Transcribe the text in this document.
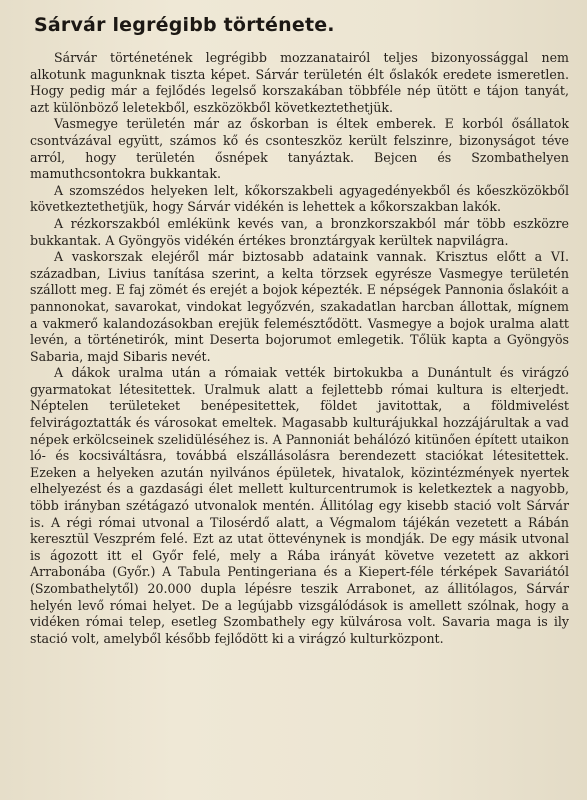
Sárvár legrégibb története.

Sárvár történetének legrégibb mozzanatairól teljes bizonyossággal nem alkotunk magunknak tiszta képet. Sárvár területén élt őslakók eredete ismeretlen. Hogy pedig már a fejlődés legelső korszakában többféle nép ütött e tájon tanyát, azt különböző leletekből, eszközökből következtethetjük.

Vasmegye területén már az őskorban is éltek emberek. E korból ősállatok csontvázával együtt, számos kő és csonteszköz került felszinre, bizonyságot téve arról, hogy területén ősnépek tanyáztak. Bejcen és Szombathelyen mamuthcsontokra bukkantak.

A szomszédos helyeken lelt, kőkorszakbeli agyagedényekből és kőeszközökből következtethetjük, hogy Sárvár vidékén is lehettek a kőkorszakban lakók.

A rézkorszakból emlékünk kevés van, a bronzkorszakból már több eszközre bukkantak. A Gyöngyös vidékén értékes bronztárgyak kerültek napvilágra.

A vaskorszak elejéről már biztosabb adataink vannak. Krisztus előtt a VI. században, Livius tanítása szerint, a kelta törzsek egyrésze Vasmegye területén szállott meg. E faj zömét és erejét a bojok képezték. E népségek Pannonia őslakóit a pannonokat, savarokat, vindokat legyőzvén, szakadatlan harcban állottak, mígnem a vakmerő kalandozásokban erejük felemésztődött. Vasmegye a bojok uralma alatt levén, a történetirók, mint Deserta bojorumot emlegetik. Tőlük kapta a Gyöngyös Sabaria, majd Sibaris nevét.

A dákok uralma után a rómaiak vették birtokukba a Dunántult és virágzó gyarmatokat létesitettek. Uralmuk alatt a fejlettebb római kultura is elterjedt. Néptelen területeket benépesitettek, földet javitottak, a földmivelést felvirágoztatták és városokat emeltek. Magasabb kulturájukkal hozzájárultak a vad népek erkölcseinek szelidüléséhez is. A Pannoniát behálózó kitünően épített utaikon ló- és kocsiváltásra, továbbá elszállásolásra berendezett staciókat létesitettek. Ezeken a helyeken azután nyilvános épületek, hivatalok, közintézmények nyertek elhelyezést és a gazdasági élet mellett kulturcentrumok is keletkeztek a nagyobb, több irányban szétágazó utvonalok mentén. Állitólag egy kisebb stació volt Sárvár is. A régi római utvonal a Tilosérdő alatt, a Végmalom tájékán vezetett a Rábán keresztül Veszprém felé. Ezt az utat öttevénynek is mondják. De egy másik utvonal is ágozott itt el Győr felé, mely a Rába irányát követve vezetett az akkori Arrabonába (Győr.) A Tabula Pentingeriana és a Kiepert-féle térképek Savariától (Szombathelytől) 20.000 dupla lépésre teszik Arrabonet, az állitólagos, Sárvár helyén levő római helyet. De a legújabb vizsgálódások is amellett szólnak, hogy a vidéken római telep, esetleg Szombathely egy külvárosa volt. Savaria maga is ily stació volt, amelyből később fejlődött ki a virágzó kulturközpont.
